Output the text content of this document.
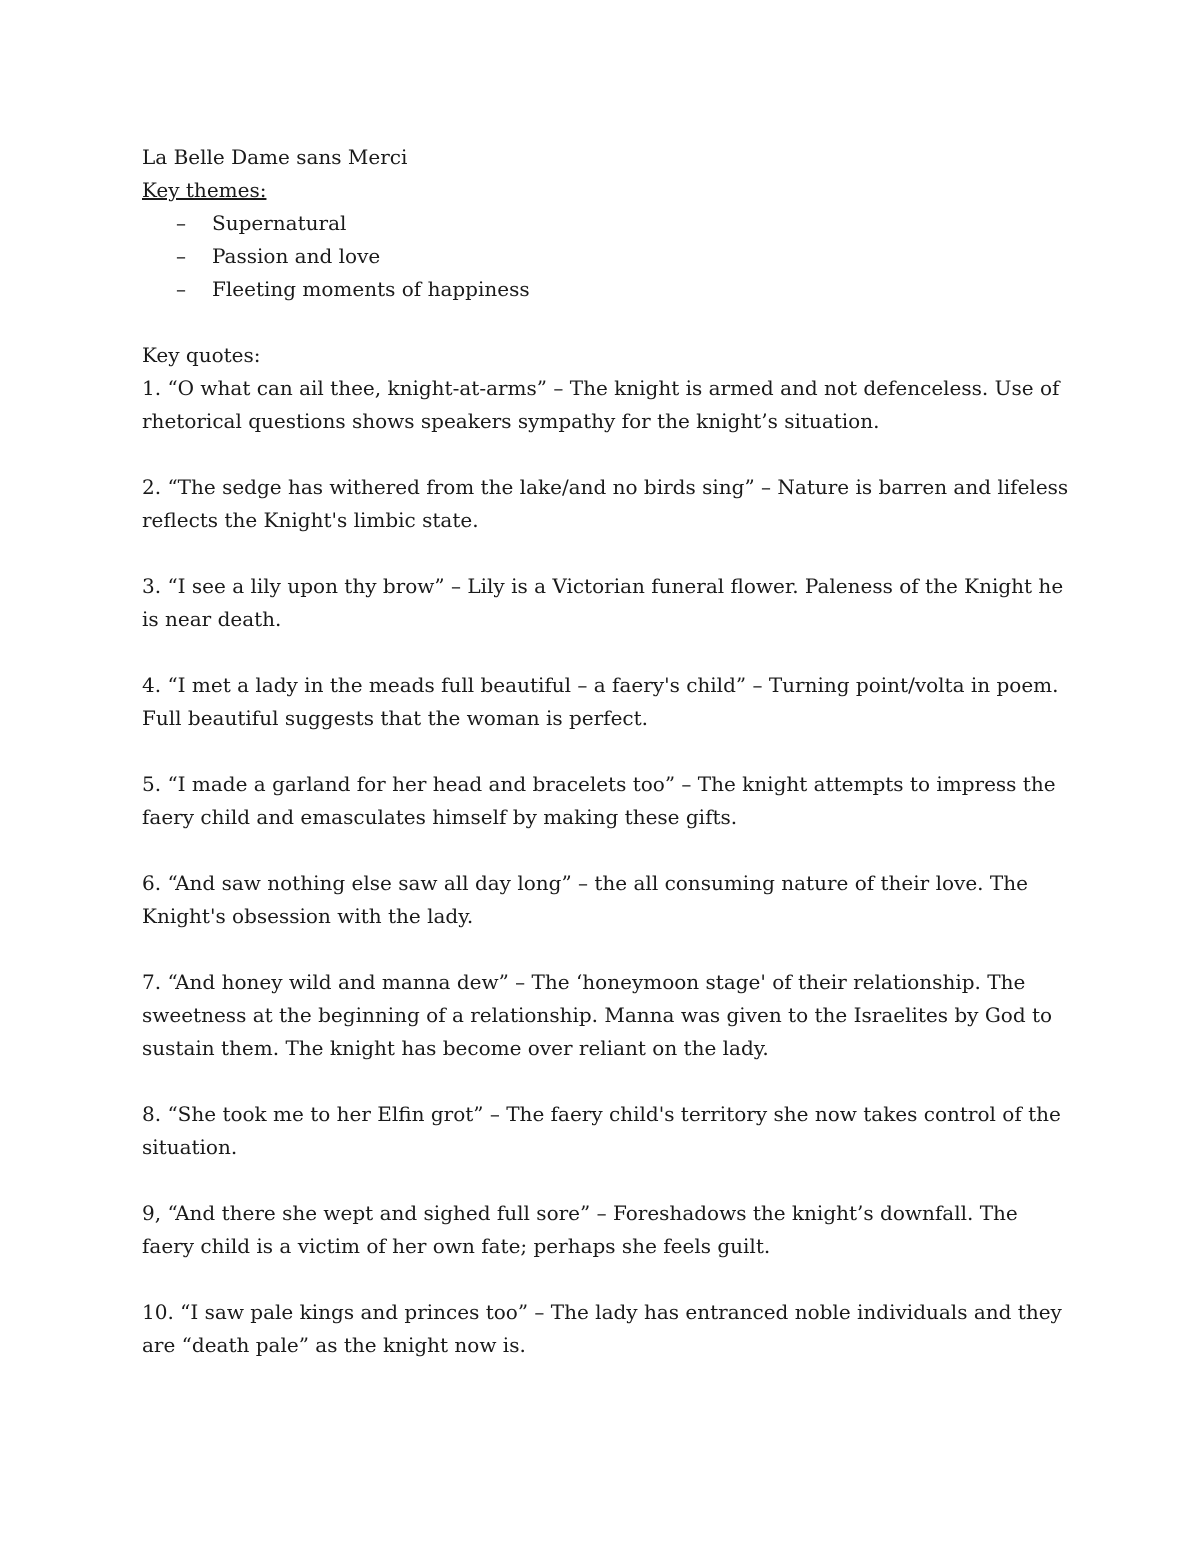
La Belle Dame sans Merci

Key themes:

– Supernatural
– Passion and love
– Fleeting moments of happiness

Key quotes:

1. “O what can ail thee, knight-at-arms” – The knight is armed and not defenceless. Use of rhetorical questions shows speakers sympathy for the knight’s situation.

2. “The sedge has withered from the lake/and no birds sing” – Nature is barren and lifeless reflects the Knight's limbic state.

3. “I see a lily upon thy brow” – Lily is a Victorian funeral flower. Paleness of the Knight he is near death.

4. “I met a lady in the meads full beautiful – a faery's child” – Turning point/volta in poem. Full beautiful suggests that the woman is perfect.

5. “I made a garland for her head and bracelets too” – The knight attempts to impress the faery child and emasculates himself by making these gifts.

6. “And saw nothing else saw all day long” – the all consuming nature of their love. The Knight's obsession with the lady.

7. “And honey wild and manna dew” – The ‘honeymoon stage' of their relationship. The sweetness at the beginning of a relationship. Manna was given to the Israelites by God to sustain them. The knight has become over reliant on the lady.

8. “She took me to her Elfin grot” – The faery child's territory she now takes control of the situation.

9, “And there she wept and sighed full sore” – Foreshadows the knight’s downfall. The faery child is a victim of her own fate; perhaps she feels guilt.

10. “I saw pale kings and princes too” – The lady has entranced noble individuals and they are “death pale” as the knight now is.
